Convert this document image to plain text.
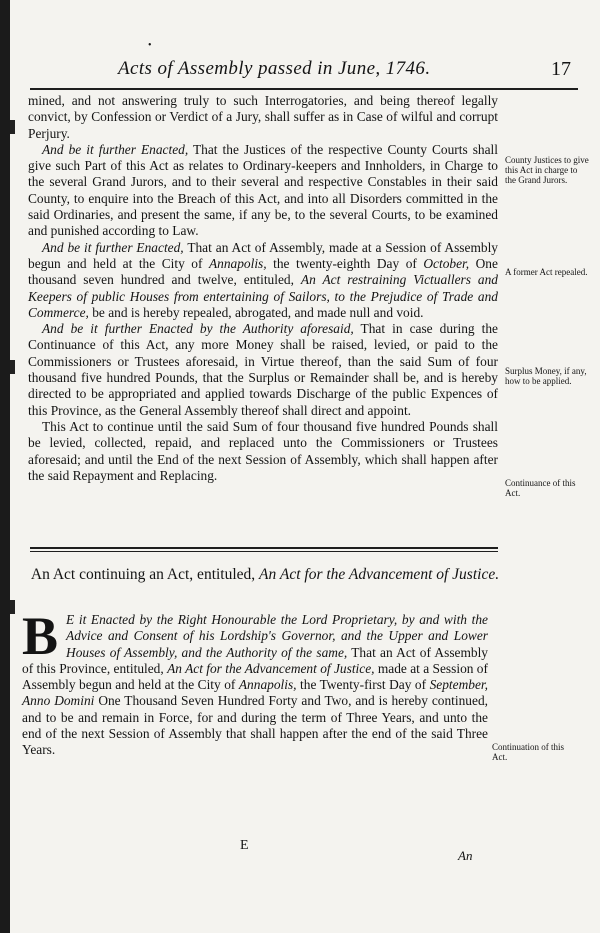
•
Acts of Assembly passed in June, 1746.	17

mined, and not answering truly to such Interrogatories, and being thereof legally convict, by Confession or Verdict of a Jury, shall suffer as in Case of wilful and corrupt Perjury.

And be it further Enacted, That the Justices of the respective County Courts shall give such Part of this Act as relates to Ordinary-keepers and Innholders, in Charge to the several Grand Jurors, and to their several and respective Constables in their said County, to enquire into the Breach of this Act, and into all Disorders committed in the said Ordinaries, and present the same, if any be, to the several Courts, to be examined and punished according to Law.

And be it further Enacted, That an Act of Assembly, made at a Session of Assembly begun and held at the City of Annapolis, the twenty-eighth Day of October, One thousand seven hundred and twelve, entituled, An Act restraining Victuallers and Keepers of public Houses from entertaining of Sailors, to the Prejudice of Trade and Commerce, be and is hereby repealed, abrogated, and made null and void.

And be it further Enacted by the Authority aforesaid, That in case during the Continuance of this Act, any more Money shall be raised, levied, or paid to the Commissioners or Trustees aforesaid, in Virtue thereof, than the said Sum of four thousand five hundred Pounds, that the Surplus or Remainder shall be, and is hereby directed to be appropriated and applied towards Discharge of the public Expences of this Province, as the General Assembly thereof shall direct and appoint.

This Act to continue until the said Sum of four thousand five hundred Pounds shall be levied, collected, repaid, and replaced unto the Commissioners or Trustees aforesaid; and until the End of the next Session of Assembly, which shall happen after the said Repayment and Replacing.

County Justices to give this Act in charge to the Grand Jurors.
A former Act repealed.
Surplus Money, if any, how to be applied.
Continuance of this Act.
Continuation of this Act.
An Act continuing an Act, entituled, An Act for the Advancement of Justice.
B E it Enacted by the Right Honourable the Lord Proprietary, by and with the Advice and Consent of his Lordship's Governor, and the Upper and Lower Houses of Assembly, and the Authority of the same, That an Act of Assembly of this Province, entituled, An Act for the Advancement of Justice, made at a Session of Assembly begun and held at the City of Annapolis, the Twenty-first Day of September, Anno Domini One Thousand Seven Hundred Forty and Two, and is hereby continued, and to be and remain in Force, for and during the term of Three Years, and unto the end of the next Session of Assembly that shall happen after the end of the said Three Years.
E
An
